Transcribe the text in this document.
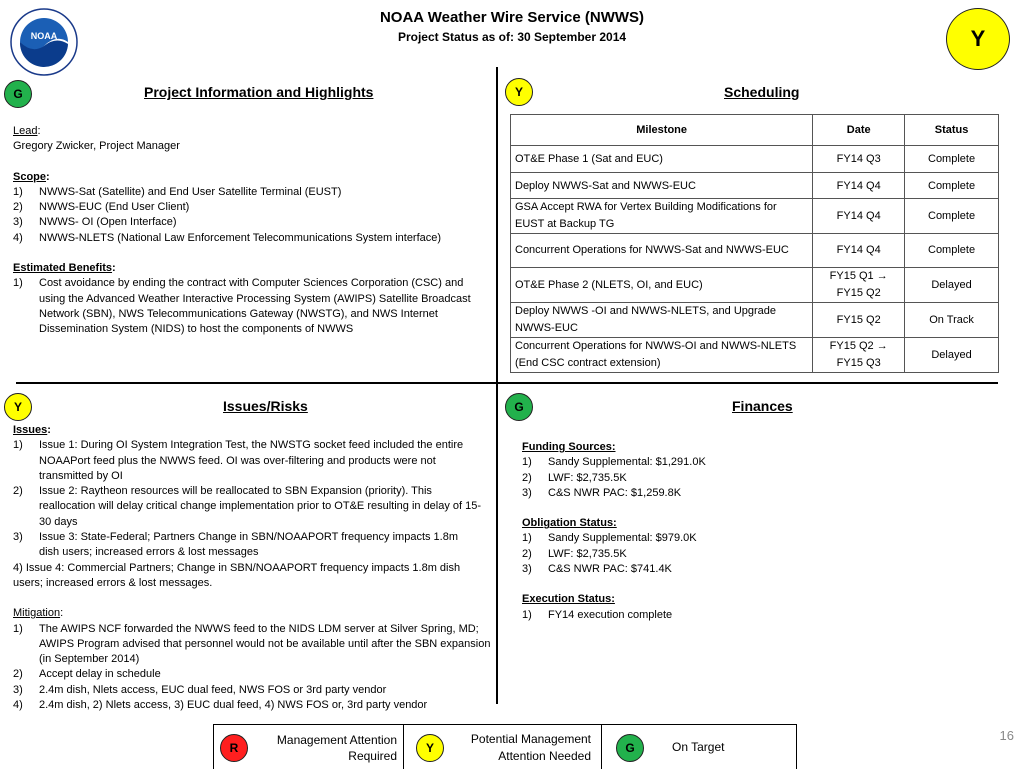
NOAA Weather Wire Service (NWWS)
Project Status as of: 30 September 2014	Y
NOAA
G	Project Information and Highlights
Lead:
Gregory Zwicker, Project Manager
Scope:
1) NWWS-Sat (Satellite) and End User Satellite Terminal (EUST)
2) NWWS-EUC (End User Client)
3) NWWS- OI (Open Interface)
4) NWWS-NLETS (National Law Enforcement Telecommunications System interface)
Estimated Benefits:
1) Cost avoidance by ending the contract with Computer Sciences Corporation (CSC) and using the Advanced Weather Interactive Processing System (AWIPS) Satellite Broadcast Network (SBN), NWS Telecommunications Gateway (NWSTG), and NWS Internet Dissemination System (NIDS) to host the components of NWWS
Y	Scheduling
Milestone	Date	Status
OT&E Phase 1 (Sat and EUC)	FY14 Q3	Complete
Deploy NWWS-Sat and NWWS-EUC	FY14 Q4	Complete
GSA Accept RWA for Vertex Building Modifications for EUST at Backup TG	FY14 Q4	Complete
Concurrent Operations for NWWS-Sat and NWWS-EUC	FY14 Q4	Complete
OT&E Phase 2 (NLETS, OI, and EUC)	FY15 Q1 → FY15 Q2	Delayed
Deploy NWWS -OI and NWWS-NLETS, and Upgrade NWWS-EUC	FY15 Q2	On Track
Concurrent Operations for NWWS-OI and NWWS-NLETS (End CSC contract extension)	FY15 Q2 → FY15 Q3	Delayed
Y	Issues/Risks
Issues:
1) Issue 1: During OI System Integration Test, the NWSTG socket feed included the entire NOAAPort feed plus the NWWS feed. OI was over-filtering and products were not transmitted by OI
2) Issue 2: Raytheon resources will be reallocated to SBN Expansion (priority). This reallocation will delay critical change implementation prior to OT&E resulting in delay of 15-30 days
3) Issue 3: State-Federal; Partners Change in SBN/NOAAPORT frequency impacts 1.8m dish users; increased errors & lost messages
4) Issue 4: Commercial Partners; Change in SBN/NOAAPORT frequency impacts 1.8m dish users; increased errors & lost messages.
Mitigation:
1) The AWIPS NCF forwarded the NWWS feed to the NIDS LDM server at Silver Spring, MD; AWIPS Program advised that personnel would not be available until after the SBN expansion (in September 2014)
2) Accept delay in schedule
3) 2.4m dish, Nlets access, EUC dual feed, NWS FOS or 3rd party vendor
4) 2.4m dish, 2) Nlets access, 3) EUC dual feed, 4) NWS FOS or, 3rd party vendor
G	Finances
Funding Sources:
1) Sandy Supplemental: $1,291.0K
2) LWF: $2,735.5K
3) C&S NWR PAC: $1,259.8K
Obligation Status:
1) Sandy Supplemental: $979.0K
2) LWF: $2,735.5K
3) C&S NWR PAC: $741.4K
Execution Status:
1) FY14 execution complete
R
Management Attention
Required
Y
Potential Management
Attention Needed
G	On Target
16
